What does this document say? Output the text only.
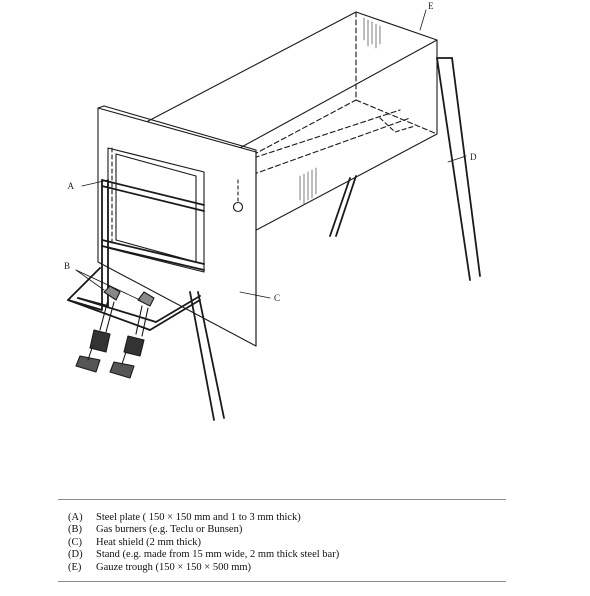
A
B
C
D
E
(A)	Steel plate ( 150 × 150 mm and 1 to 3 mm thick)
(B)	Gas burners (e.g. Teclu or Bunsen)
(C)	Heat shield (2 mm thick)
(D)	Stand (e.g. made from 15 mm wide, 2 mm thick steel bar)
(E)	Gauze trough (150 × 150 × 500 mm)
